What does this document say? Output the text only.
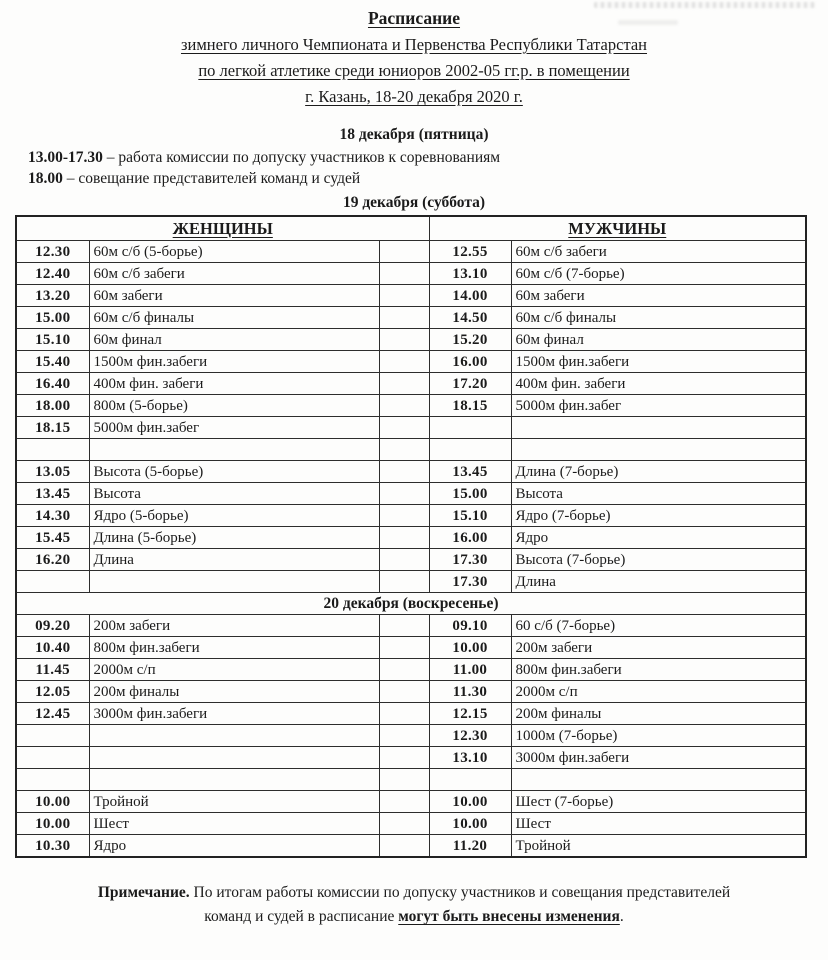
Расписание
зимнего личного Чемпионата и Первенства Республики Татарстан
по легкой атлетике среди юниоров 2002-05 гг.р. в помещении
г. Казань, 18-20 декабря 2020 г.
18 декабря (пятница)
13.00-17.30 – работа комиссии по допуску участников к соревнованиям
18.00 – совещание представителей команд и судей
19 декабря (суббота)
ЖЕНЩИНЫ			МУЖЧИНЫ	
12.30	60м с/б (5-борье)		12.55	60м с/б забеги
12.40	60м с/б забеги		13.10	60м с/б (7-борье)
13.20	60м забеги		14.00	60м забеги
15.00	60м с/б финалы		14.50	60м с/б финалы
15.10	60м финал		15.20	60м финал
15.40	1500м фин.забеги		16.00	1500м фин.забеги
16.40	400м фин. забеги		17.20	400м фин. забеги
18.00	800м (5-борье)		18.15	5000м фин.забег
18.15	5000м фин.забег			

13.05	Высота (5-борье)		13.45	Длина (7-борье)
13.45	Высота		15.00	Высота
14.30	Ядро (5-борье)		15.10	Ядро (7-борье)
15.45	Длина (5-борье)		16.00	Ядро
16.20	Длина		17.30	Высота (7-борье)
			17.30	Длина
20 декабря (воскресенье)				
09.20	200м забеги		09.10	60 с/б (7-борье)
10.40	800м фин.забеги		10.00	200м забеги
11.45	2000м с/п		11.00	800м фин.забеги
12.05	200м финалы		11.30	2000м с/п
12.45	3000м фин.забеги		12.15	200м финалы
			12.30	1000м (7-борье)
			13.10	3000м фин.забеги

10.00	Тройной		10.00	Шест (7-борье)
10.00	Шест		10.00	Шест
10.30	Ядро		11.20	Тройной

Примечание. По итогам работы комиссии по допуску участников и совещания представителей команд и судей в расписание могут быть внесены изменения.
